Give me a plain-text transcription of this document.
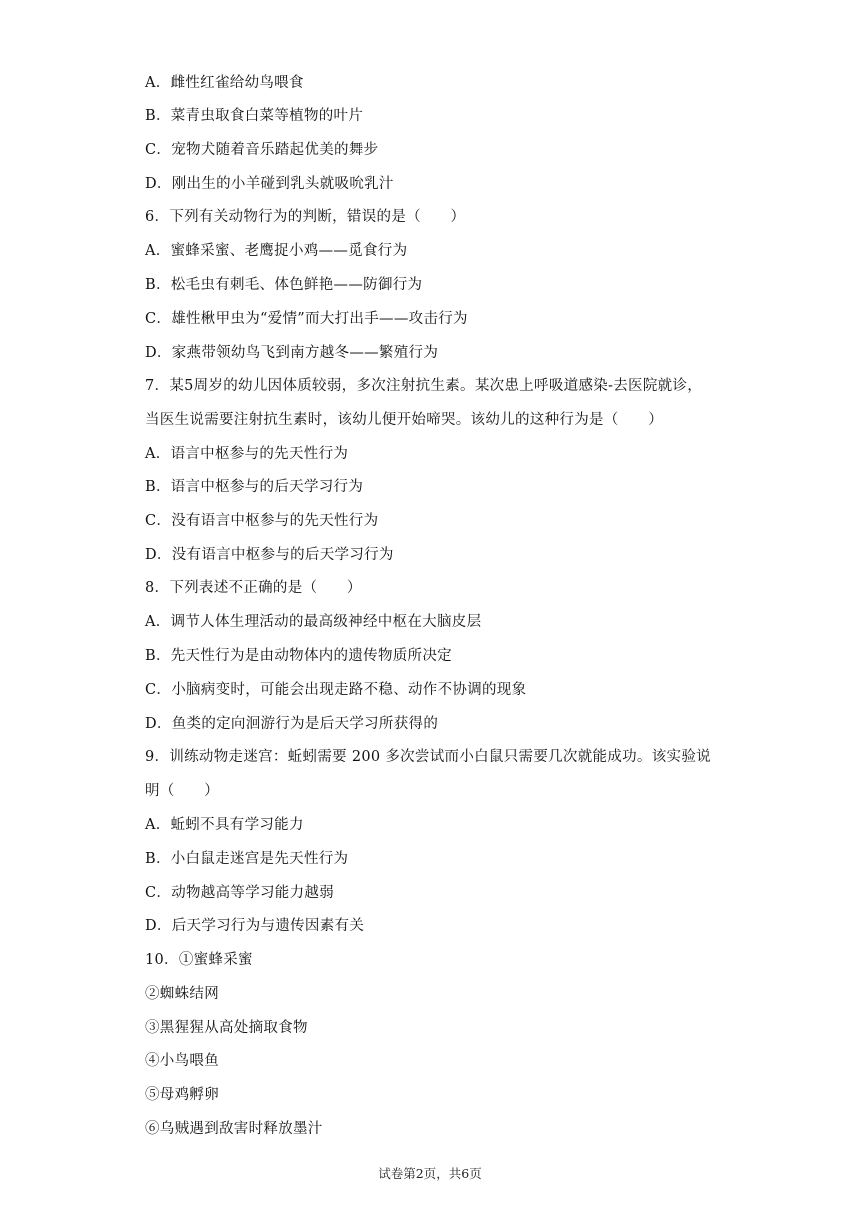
A．雌性红雀给幼鸟喂食
B．菜青虫取食白菜等植物的叶片
C．宠物犬随着音乐踏起优美的舞步
D．刚出生的小羊碰到乳头就吸吮乳汁
6．下列有关动物行为的判断，错误的是（　　）
A．蜜蜂采蜜、老鹰捉小鸡——觅食行为
B．松毛虫有刺毛、体色鲜艳——防御行为
C．雄性楸甲虫为“爱情”而大打出手——攻击行为
D．家燕带领幼鸟飞到南方越冬——繁殖行为
7．某5周岁的幼儿因体质较弱，多次注射抗生素。某次患上呼吸道感染-去医院就诊，
当医生说需要注射抗生素时，该幼儿便开始啼哭。该幼儿的这种行为是（　　）
A．语言中枢参与的先天性行为
B．语言中枢参与的后天学习行为
C．没有语言中枢参与的先天性行为
D．没有语言中枢参与的后天学习行为
8．下列表述不正确的是（　　）
A．调节人体生理活动的最高级神经中枢在大脑皮层
B．先天性行为是由动物体内的遗传物质所决定
C．小脑病变时，可能会出现走路不稳、动作不协调的现象
D．鱼类的定向洄游行为是后天学习所获得的
9．训练动物走迷宫：蚯蚓需要 200 多次尝试而小白鼠只需要几次就能成功。该实验说
明（　　）
A．蚯蚓不具有学习能力
B．小白鼠走迷宫是先天性行为
C．动物越高等学习能力越弱
D．后天学习行为与遗传因素有关
10．①蜜蜂采蜜
②蜘蛛结网
③黑猩猩从高处摘取食物
④小鸟喂鱼
⑤母鸡孵卵
⑥乌贼遇到敌害时释放墨汁
试卷第2页，共6页
